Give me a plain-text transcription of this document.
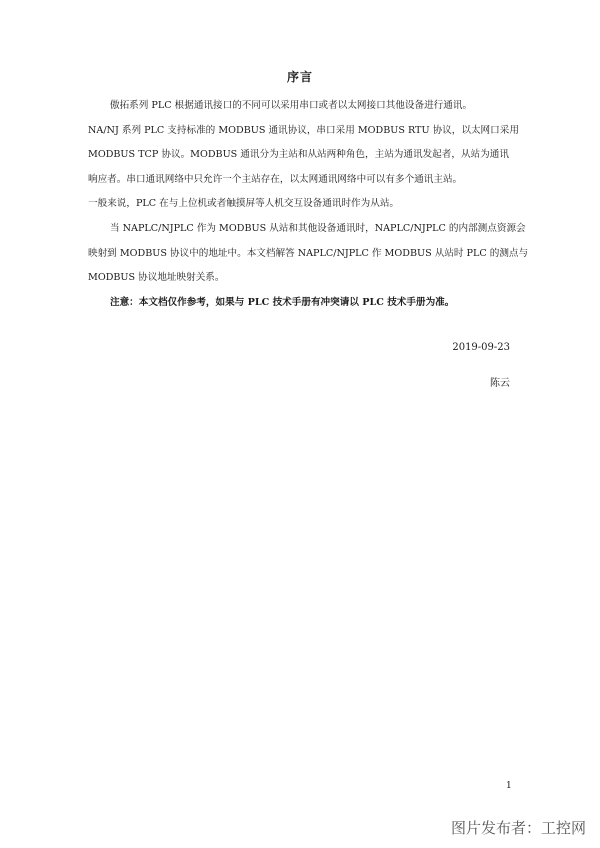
序言

傲拓系列 PLC 根据通讯接口的不同可以采用串口或者以太网接口其他设备进行通讯。

NA/NJ 系列 PLC 支持标准的 MODBUS 通讯协议，串口采用 MODBUS RTU 协议，以太网口采用

MODBUS TCP 协议。MODBUS 通讯分为主站和从站两种角色，主站为通讯发起者，从站为通讯

响应者。串口通讯网络中只允许一个主站存在，以太网通讯网络中可以有多个通讯主站。

一般来说，PLC 在与上位机或者触摸屏等人机交互设备通讯时作为从站。

当 NAPLC/NJPLC 作为 MODBUS 从站和其他设备通讯时，NAPLC/NJPLC 的内部测点资源会

映射到 MODBUS 协议中的地址中。本文档解答 NAPLC/NJPLC 作 MODBUS 从站时 PLC 的测点与

MODBUS 协议地址映射关系。

注意：本文档仅作参考，如果与 PLC 技术手册有冲突请以 PLC 技术手册为准。

2019-09-23
陈云
1
图片发布者：工控网
